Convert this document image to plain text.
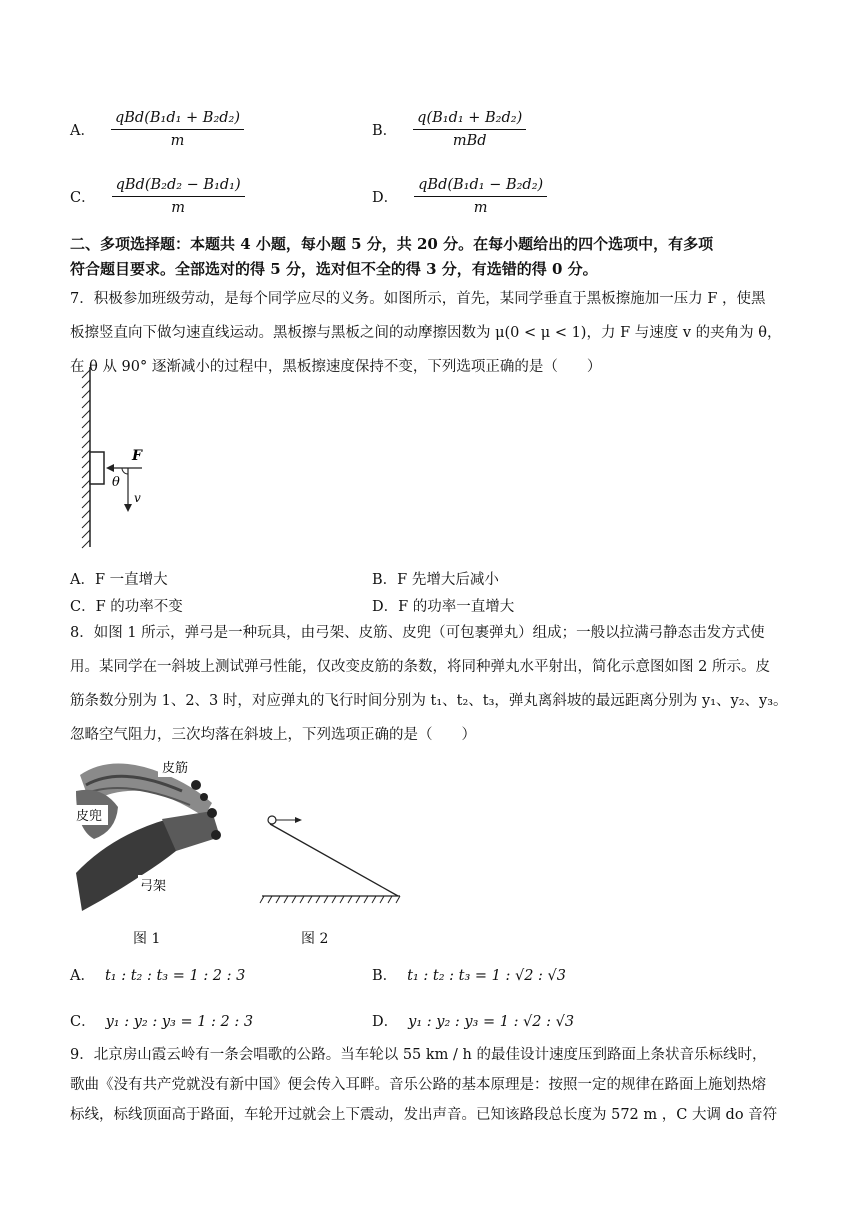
A． $\frac{\text{qBd(B₁d₁ + B₂d₂)}}{m}$	B． $\frac{\text{q(B₁d₁ + B₂d₂)}}{\text{mBd}}$
C． $\frac{\text{qBd(B₂d₂ − B₁d₁)}}{m}$	D． $\frac{\text{qBd(B₁d₁ − B₂d₂)}}{m}$
二、多项选择题：本题共 4 小题，每小题 5 分，共 20 分。在每小题给出的四个选项中，有多项
符合题目要求。全部选对的得 5 分，选对但不全的得 3 分，有选错的得 0 分。
7．积极参加班级劳动，是每个同学应尽的义务。如图所示，首先，某同学垂直于黑板擦施加一压力 F ，使黑
板擦竖直向下做匀速直线运动。黑板擦与黑板之间的动摩擦因数为 μ(0 < μ < 1)，力 F 与速度 v 的夹角为 θ，
在 θ 从 90° 逐渐减小的过程中，黑板擦速度保持不变，下列选项正确的是（　　）
F
θ
v
A．F 一直增大	B．F 先增大后减小
C．F 的功率不变	D．F 的功率一直增大
8．如图 1 所示，弹弓是一种玩具，由弓架、皮筋、皮兜（可包裹弹丸）组成；一般以拉满弓静态击发方式使
用。某同学在一斜坡上测试弹弓性能，仅改变皮筋的条数，将同种弹丸水平射出，简化示意图如图 2 所示。皮
筋条数分别为 1、2、3 时，对应弹丸的飞行时间分别为 t₁、t₂、t₃，弹丸离斜坡的最远距离分别为 y₁、y₂、y₃。
忽略空气阻力，三次均落在斜坡上，下列选项正确的是（　　）
皮筋
皮兜
弓架
图 1	图 2
A． t₁ : t₂ : t₃ = 1 : 2 : 3	B． t₁ : t₂ : t₃ = 1 : √2 : √3
C． y₁ : y₂ : y₃ = 1 : 2 : 3	D． y₁ : y₂ : y₃ = 1 : √2 : √3
9．北京房山霞云岭有一条会唱歌的公路。当车轮以 55 km / h 的最佳设计速度压到路面上条状音乐标线时，
歌曲《没有共产党就没有新中国》便会传入耳畔。音乐公路的基本原理是：按照一定的规律在路面上施划热熔
标线，标线顶面高于路面，车轮开过就会上下震动，发出声音。已知该路段总长度为 572 m ，C 大调 do 音符
